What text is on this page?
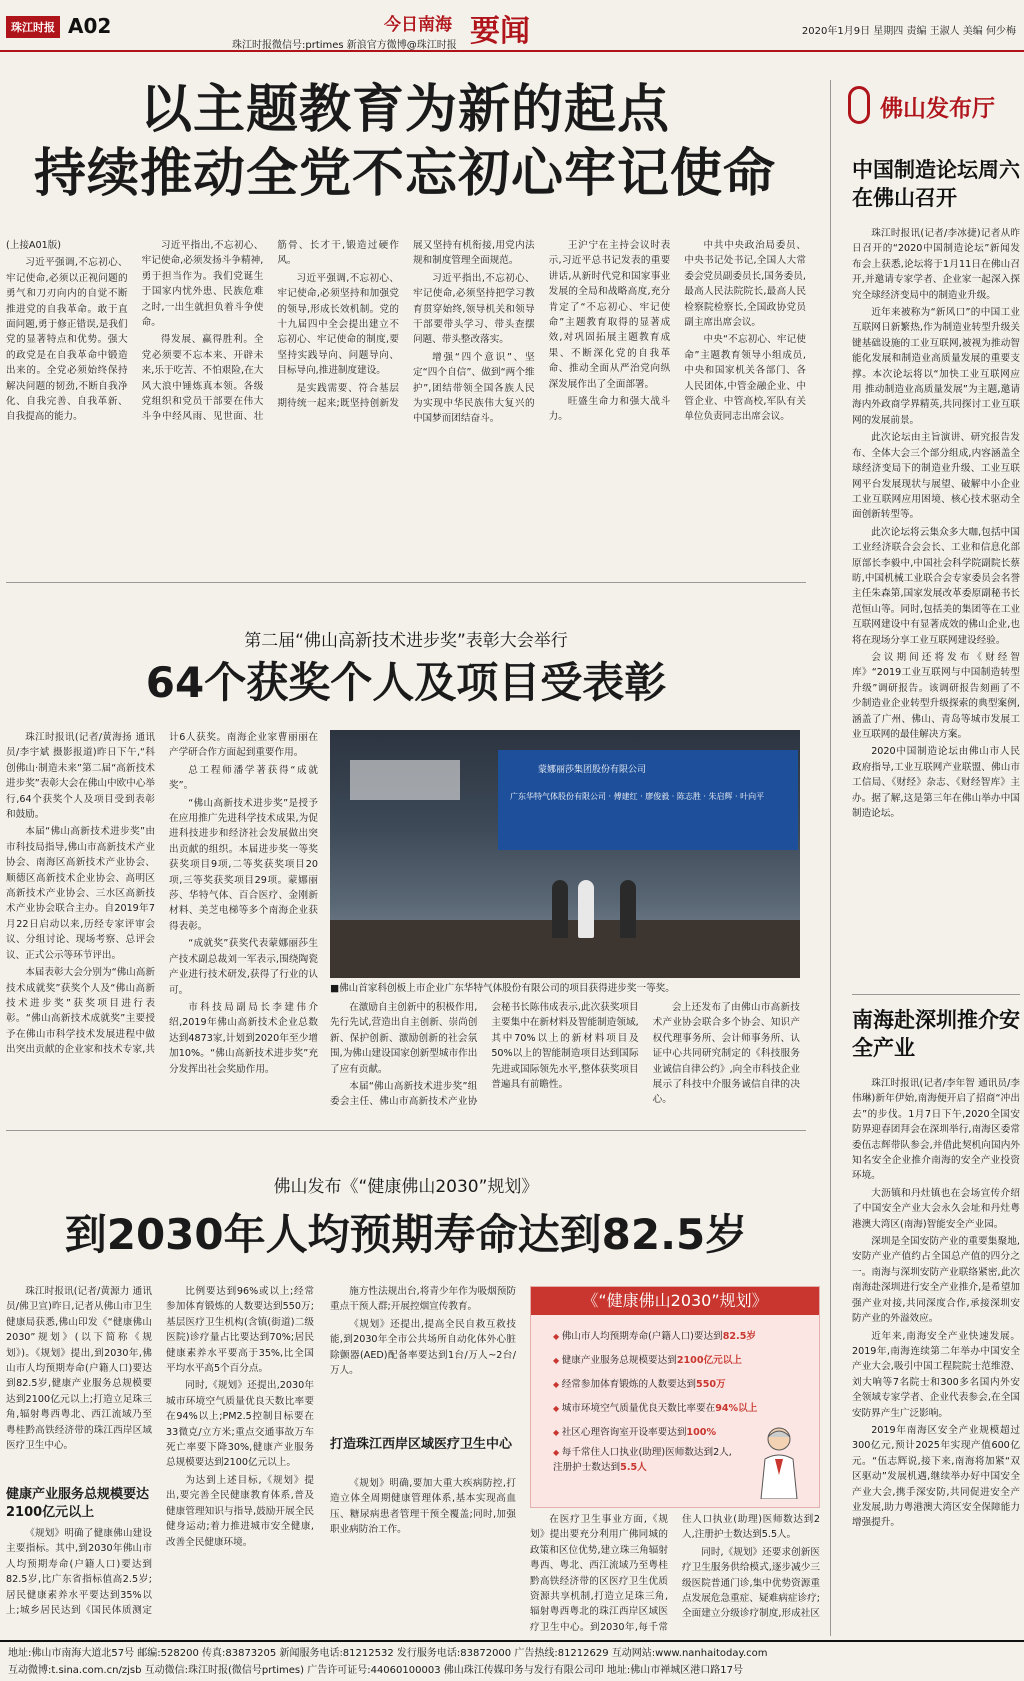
珠江时报 A02	今日南海 要闻
珠江时报微信号:prtimes 新浪官方微博@珠江时报
2020年1月9日 星期四 责编 王淑人 美编 何少梅
以主题教育为新的起点
持续推动全党不忘初心牢记使命

(上接A01版)

习近平强调,不忘初心、牢记使命,必须以正视问题的勇气和刀刃向内的自觉不断推进党的自我革命。敢于直面问题,勇于修正错误,是我们党的显著特点和优势。强大的政党是在自我革命中锻造出来的。全党必须始终保持解决问题的韧劲,不断自我净化、自我完善、自我革新、自我提高的能力。

习近平指出,不忘初心、牢记使命,必须发扬斗争精神,勇于担当作为。我们党诞生于国家内忧外患、民族危难之时,一出生就担负着斗争使命。

得发展、赢得胜利。全党必须要不忘本来、开辟未来,乐于吃苦、不怕艰险,在大风大浪中锤炼真本领。各级党组织和党员干部要在伟大斗争中经风雨、见世面、壮筋骨、长才干,锻造过硬作风。

习近平强调,不忘初心、牢记使命,必须坚持和加强党的领导,形成长效机制。党的十九届四中全会提出建立不忘初心、牢记使命的制度,要坚持实践导向、问题导向、目标导向,推进制度建设。

是实践需要、符合基层期待统一起来;既坚持创新发展又坚持有机衔接,用党内法规和制度管理全面规范。

习近平指出,不忘初心、牢记使命,必须坚持把学习教育贯穿始终,领导机关和领导干部要带头学习、带头查摆问题、带头整改落实。

增强“四个意识”、坚定“四个自信”、做到“两个维护”,团结带领全国各族人民为实现中华民族伟大复兴的中国梦而团结奋斗。

王沪宁在主持会议时表示,习近平总书记发表的重要讲话,从新时代党和国家事业发展的全局和战略高度,充分肯定了“不忘初心、牢记使命”主题教育取得的显著成效,对巩固拓展主题教育成果、不断深化党的自我革命、推动全面从严治党向纵深发展作出了全面部署。

旺盛生命力和强大战斗力。

中共中央政治局委员、中央书记处书记,全国人大常委会党员副委员长,国务委员,最高人民法院院长,最高人民检察院检察长,全国政协党员副主席出席会议。

中央“不忘初心、牢记使命”主题教育领导小组成员,中央和国家机关各部门、各人民团体,中管金融企业、中管企业、中管高校,军队有关单位负责同志出席会议。

第二届“佛山高新技术进步奖”表彰大会举行
64个获奖个人及项目受表彰

珠江时报讯(记者/黄海扬 通讯员/李宇斌 摄影报道)昨日下午,“科创佛山·制造未来”第二届“高新技术进步奖”表彰大会在佛山中欧中心举行,64个获奖个人及项目受到表彰和鼓励。

本届“佛山高新技术进步奖”由市科技局指导,佛山市高新技术产业协会、南海区高新技术产业协会、顺德区高新技术企业协会、高明区高新技术产业协会、三水区高新技术产业协会联合主办。自2019年7月22日启动以来,历经专家评审会议、分组讨论、现场考察、总评会议、正式公示等环节评出。

本届表彰大会分别为“佛山高新技术成就奖”获奖个人及“佛山高新技术进步奖”获奖项目进行表彰。“佛山高新技术成就奖”主要授予在佛山市科学技术发展进程中做出突出贡献的企业家和技术专家,共计6人获奖。南海企业家曹丽丽在产学研合作方面起到重要作用。

总工程师潘学著获得“成就奖”。

“佛山高新技术进步奖”是授予在应用推广先进科学技术成果,为促进科技进步和经济社会发展做出突出贡献的组织。本届进步奖一等奖获奖项目9项,二等奖获奖项目20项,三等奖获奖项目29项。蒙娜丽莎、华特气体、百合医疗、金刚新材料、美芝电梯等多个南海企业获得表彰。

“成就奖”获奖代表蒙娜丽莎生产技术副总裁刘一军表示,围绕陶瓷产业进行技术研发,获得了行业的认可。

市科技局副局长李建伟介绍,2019年佛山高新技术企业总数达到4873家,计划到2020年至少增加10%。“佛山高新技术进步奖”充分发挥出社会奖励作用。

蒙娜丽莎集团股份有限公司
广东华特气体股份有限公司 · 傅建红 · 廖俊毅 · 陈志胜 · 朱启辉 · 叶向平
■佛山首家科创板上市企业广东华特气体股份有限公司的项目获得进步奖一等奖。

在激励自主创新中的积极作用,先行先试,营造出自主创新、崇尚创新、保护创新、激励创新的社会氛围,为佛山建设国家创新型城市作出了应有贡献。

本届“佛山高新技术进步奖”组委会主任、佛山市高新技术产业协会秘书长陈伟成表示,此次获奖项目主要集中在新材料及智能制造领域,其中70%以上的新材料项目及50%以上的智能制造项目达到国际先进或国际领先水平,整体获奖项目普遍具有前瞻性。

会上还发布了由佛山市高新技术产业协会联合多个协会、知识产权代理事务所、会计师事务所、认证中心共同研究制定的《科技服务业诚信自律公约》,向全市科技企业展示了科技中介服务诚信自律的决心。

佛山发布《“健康佛山2030”规划》
到2030年人均预期寿命达到82.5岁

珠江时报讯(记者/黄源力 通讯员/佛卫宣)昨日,记者从佛山市卫生健康局获悉,佛山印发《“健康佛山2030”规划》(以下简称《规划》)。《规划》提出,到2030年,佛山市人均预期寿命(户籍人口)要达到82.5岁,健康产业服务总规模要达到2100亿元以上;打造立足珠三角,辐射粤西粤北、西江流域乃至粤桂黔高铁经济带的珠江西岸区域医疗卫生中心。

健康产业服务总规模要达2100亿元以上

《规划》明确了健康佛山建设主要指标。其中,到2030年佛山市人均预期寿命(户籍人口)要达到82.5岁,比广东省指标值高2.5岁;居民健康素养水平要达到35%以上;城乡居民达到《国民体质测定

比例要达到96%或以上;经常参加体育锻炼的人数要达到550万;基层医疗卫生机构(含镇(街道)二级医院)诊疗量占比要达到70%;居民健康素养水平要高于35%,比全国平均水平高5个百分点。

同时,《规划》还提出,2030年城市环境空气质量优良天数比率要在94%以上;PM2.5控制目标要在33微克/立方米;重点交通事故万车死亡率要下降30%,健康产业服务总规模要达到2100亿元以上。

为达到上述目标,《规划》提出,要完善全民健康教育体系,普及健康管理知识与指导,鼓励开展全民健身运动;着力推进城市安全健康,改善全民健康环境。

施方性法规出台,将青少年作为吸烟预防重点干预人群;开展控烟宣传教育。

《规划》还提出,提高全民自救互救技能,到2030年全市公共场所自动化体外心脏除颤器(AED)配备率要达到1台/万人~2台/万人。

打造珠江西岸区域医疗卫生中心

《规划》明确,要加大重大疾病防控,打造立体全周期健康管理体系,基本实现高血压、糖尿病患者管理干预全覆盖;同时,加强职业病防治工作。

《“健康佛山2030”规划》
◆ 佛山市人均预期寿命(户籍人口)要达到82.5岁
◆ 健康产业服务总规模要达到2100亿元以上
◆ 经常参加体育锻炼的人数要达到550万
◆ 城市环境空气质量优良天数比率要在94%以上
◆ 社区心理咨询室开设率要达到100%
◆ 每千常住人口执业(助理)医师数达到2人,注册护士数达到5.5人

在医疗卫生事业方面,《规划》提出要充分利用广佛同城的政策和区位优势,建立珠三角辐射粤西、粤北、西江流域乃至粤桂黔高铁经济带的区医疗卫生优质资源共享机制,打造立足珠三角,辐射粤西粤北的珠江西岸区域医疗卫生中心。到2030年,每千常住人口执业(助理)医师数达到2人,注册护士数达到5.5人。

同时,《规划》还要求创新医疗卫生服务供给模式,逐步减少三级医院普通门诊,集中优势资源重点发展危急重症、疑难病症诊疗;全面建立分级诊疗制度,形成社区

佛山发布厅
中国制造论坛周六在佛山召开

珠江时报讯(记者/李冰捷)记者从昨日召开的“2020中国制造论坛”新闻发布会上获悉,论坛将于1月11日在佛山召开,并邀请专家学者、企业家一起深入探究全球经济变局中的制造业升级。

近年来被称为“新风口”的中国工业互联网日新繁热,作为制造业转型升级关键基础设施的工业互联网,被视为推动智能化发展和制造业高质量发展的重要支撑。本次论坛将以“加快工业互联网应用 推动制造业高质量发展”为主题,邀请海内外政商学界精英,共同探讨工业互联网的发展前景。

此次论坛由主旨演讲、研究报告发布、全体大会三个部分组成,内容涵盖全球经济变局下的制造业升级、工业互联网平台发展现状与展望、破解中小企业工业互联网应用困境、核心技术驱动全面创新转型等。

此次论坛将云集众多大咖,包括中国工业经济联合会会长、工业和信息化部原部长李毅中,中国社会科学院副院长蔡昉,中国机械工业联合会专家委员会名誉主任朱森第,国家发展改革委原副秘书长范恒山等。同时,包括美的集团等在工业互联网建设中有显著成效的佛山企业,也将在现场分享工业互联网建设经验。

会议期间还将发布《财经智库》“2019工业互联网与中国制造转型升级”调研报告。该调研报告刻画了不少制造业企业转型升级探索的典型案例,涵盖了广州、佛山、青岛等城市发展工业互联网的最佳解决方案。

2020中国制造论坛由佛山市人民政府指导,工业互联网产业联盟、佛山市工信局、《财经》杂志、《财经智库》主办。据了解,这是第三年在佛山举办中国制造论坛。

南海赴深圳推介安全产业

珠江时报讯(记者/李年智 通讯员/李伟琳)新年伊始,南海便开启了招商“冲出去”的步伐。1月7日下午,2020全国安防界迎春团拜会在深圳举行,南海区委常委伍志辉带队参会,并借此契机向国内外知名安全企业推介南海的安全产业投资环境。

大沥镇和丹灶镇也在会场宣传介绍了中国安全产业大会永久会址和丹灶粤港澳大湾区(南海)智能安全产业园。

深圳是全国安防产业的重要集聚地,安防产业产值约占全国总产值的四分之一。南海与深圳安防产业联络紧密,此次南海赴深圳进行安全产业推介,是希望加强产业对接,共同深度合作,承接深圳安防产业的外溢效应。

近年来,南海安全产业快速发展。2019年,南海连续第二年举办中国安全产业大会,吸引中国工程院院士范维澄、刘大响等7名院士和300多名国内外安全领域专家学者、企业代表参会,在全国安防界产生广泛影响。

2019年南海区安全产业规模超过300亿元,预计2025年实现产值600亿元。“伍志辉说,接下来,南海将加紧“双区驱动”发展机遇,继续举办好中国安全产业大会,携手深安防,共同促进安全产业发展,助力粤港澳大湾区安全保障能力增强提升。

地址:佛山市南海大道北57号 邮编:528200 传真:83873205 新闻服务电话:81212532 发行服务电话:83872000 广告热线:81212629 互动网站:www.nanhaitoday.com
互动微博:t.sina.com.cn/zjsb 互动微信:珠江时报(微信号prtimes) 广告许可证号:44060100003 佛山珠江传媒印务与发行有限公司印 地址:佛山市禅城区港口路17号
